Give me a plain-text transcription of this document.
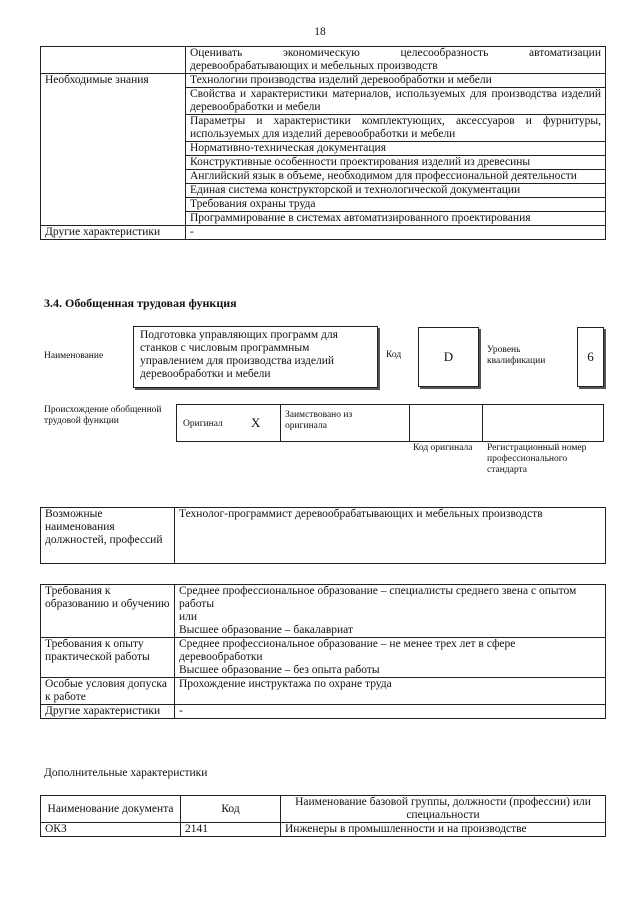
18
	Оценивать экономическую целесообразность автоматизации деревообрабатывающих и мебельных производств
Необходимые знания	Технологии производства изделий деревообработки и мебели
	Свойства и характеристики материалов, используемых для производства изделий деревообработки и мебели
	Параметры и характеристики комплектующих, аксессуаров и фурнитуры, используемых для изделий деревообработки и мебели
	Нормативно-техническая документация
	Конструктивные особенности проектирования изделий из древесины
	Английский язык в объеме, необходимом для профессиональной деятельности
	Единая система конструкторской и технологической документации
	Требования охраны труда
	Программирование в системах автоматизированного проектирования
Другие характеристики	-
3.4. Обобщенная трудовая функция
Наименование
Подготовка управляющих программ для станков с числовым программным управлением для производства изделий деревообработки и мебели
Код	D	Уровень квалификации	6
Происхождение обобщенной трудовой функции	Оригинал X	Заимствовано из оригинала
Код оригинала Регистрационный номер профессионального стандарта
Возможные наименования должностей, профессий	Технолог-программист деревообрабатывающих и мебельных производств
Требования к образованию и обучению	Среднее профессиональное образование – специалисты среднего звена с опытом работы
или
Высшее образование – бакалавриат

Требования к опыту практической работы	Среднее профессиональное образование – не менее трех лет в сфере деревообработки
Высшее образование – без опыта работы

Особые условия допуска к работе	Прохождение инструктажа по охране труда
Другие характеристики	-
Дополнительные характеристики
Наименование документа	Код	Наименование базовой группы, должности (профессии) или специальности
ОКЗ	2141	Инженеры в промышленности и на производстве
